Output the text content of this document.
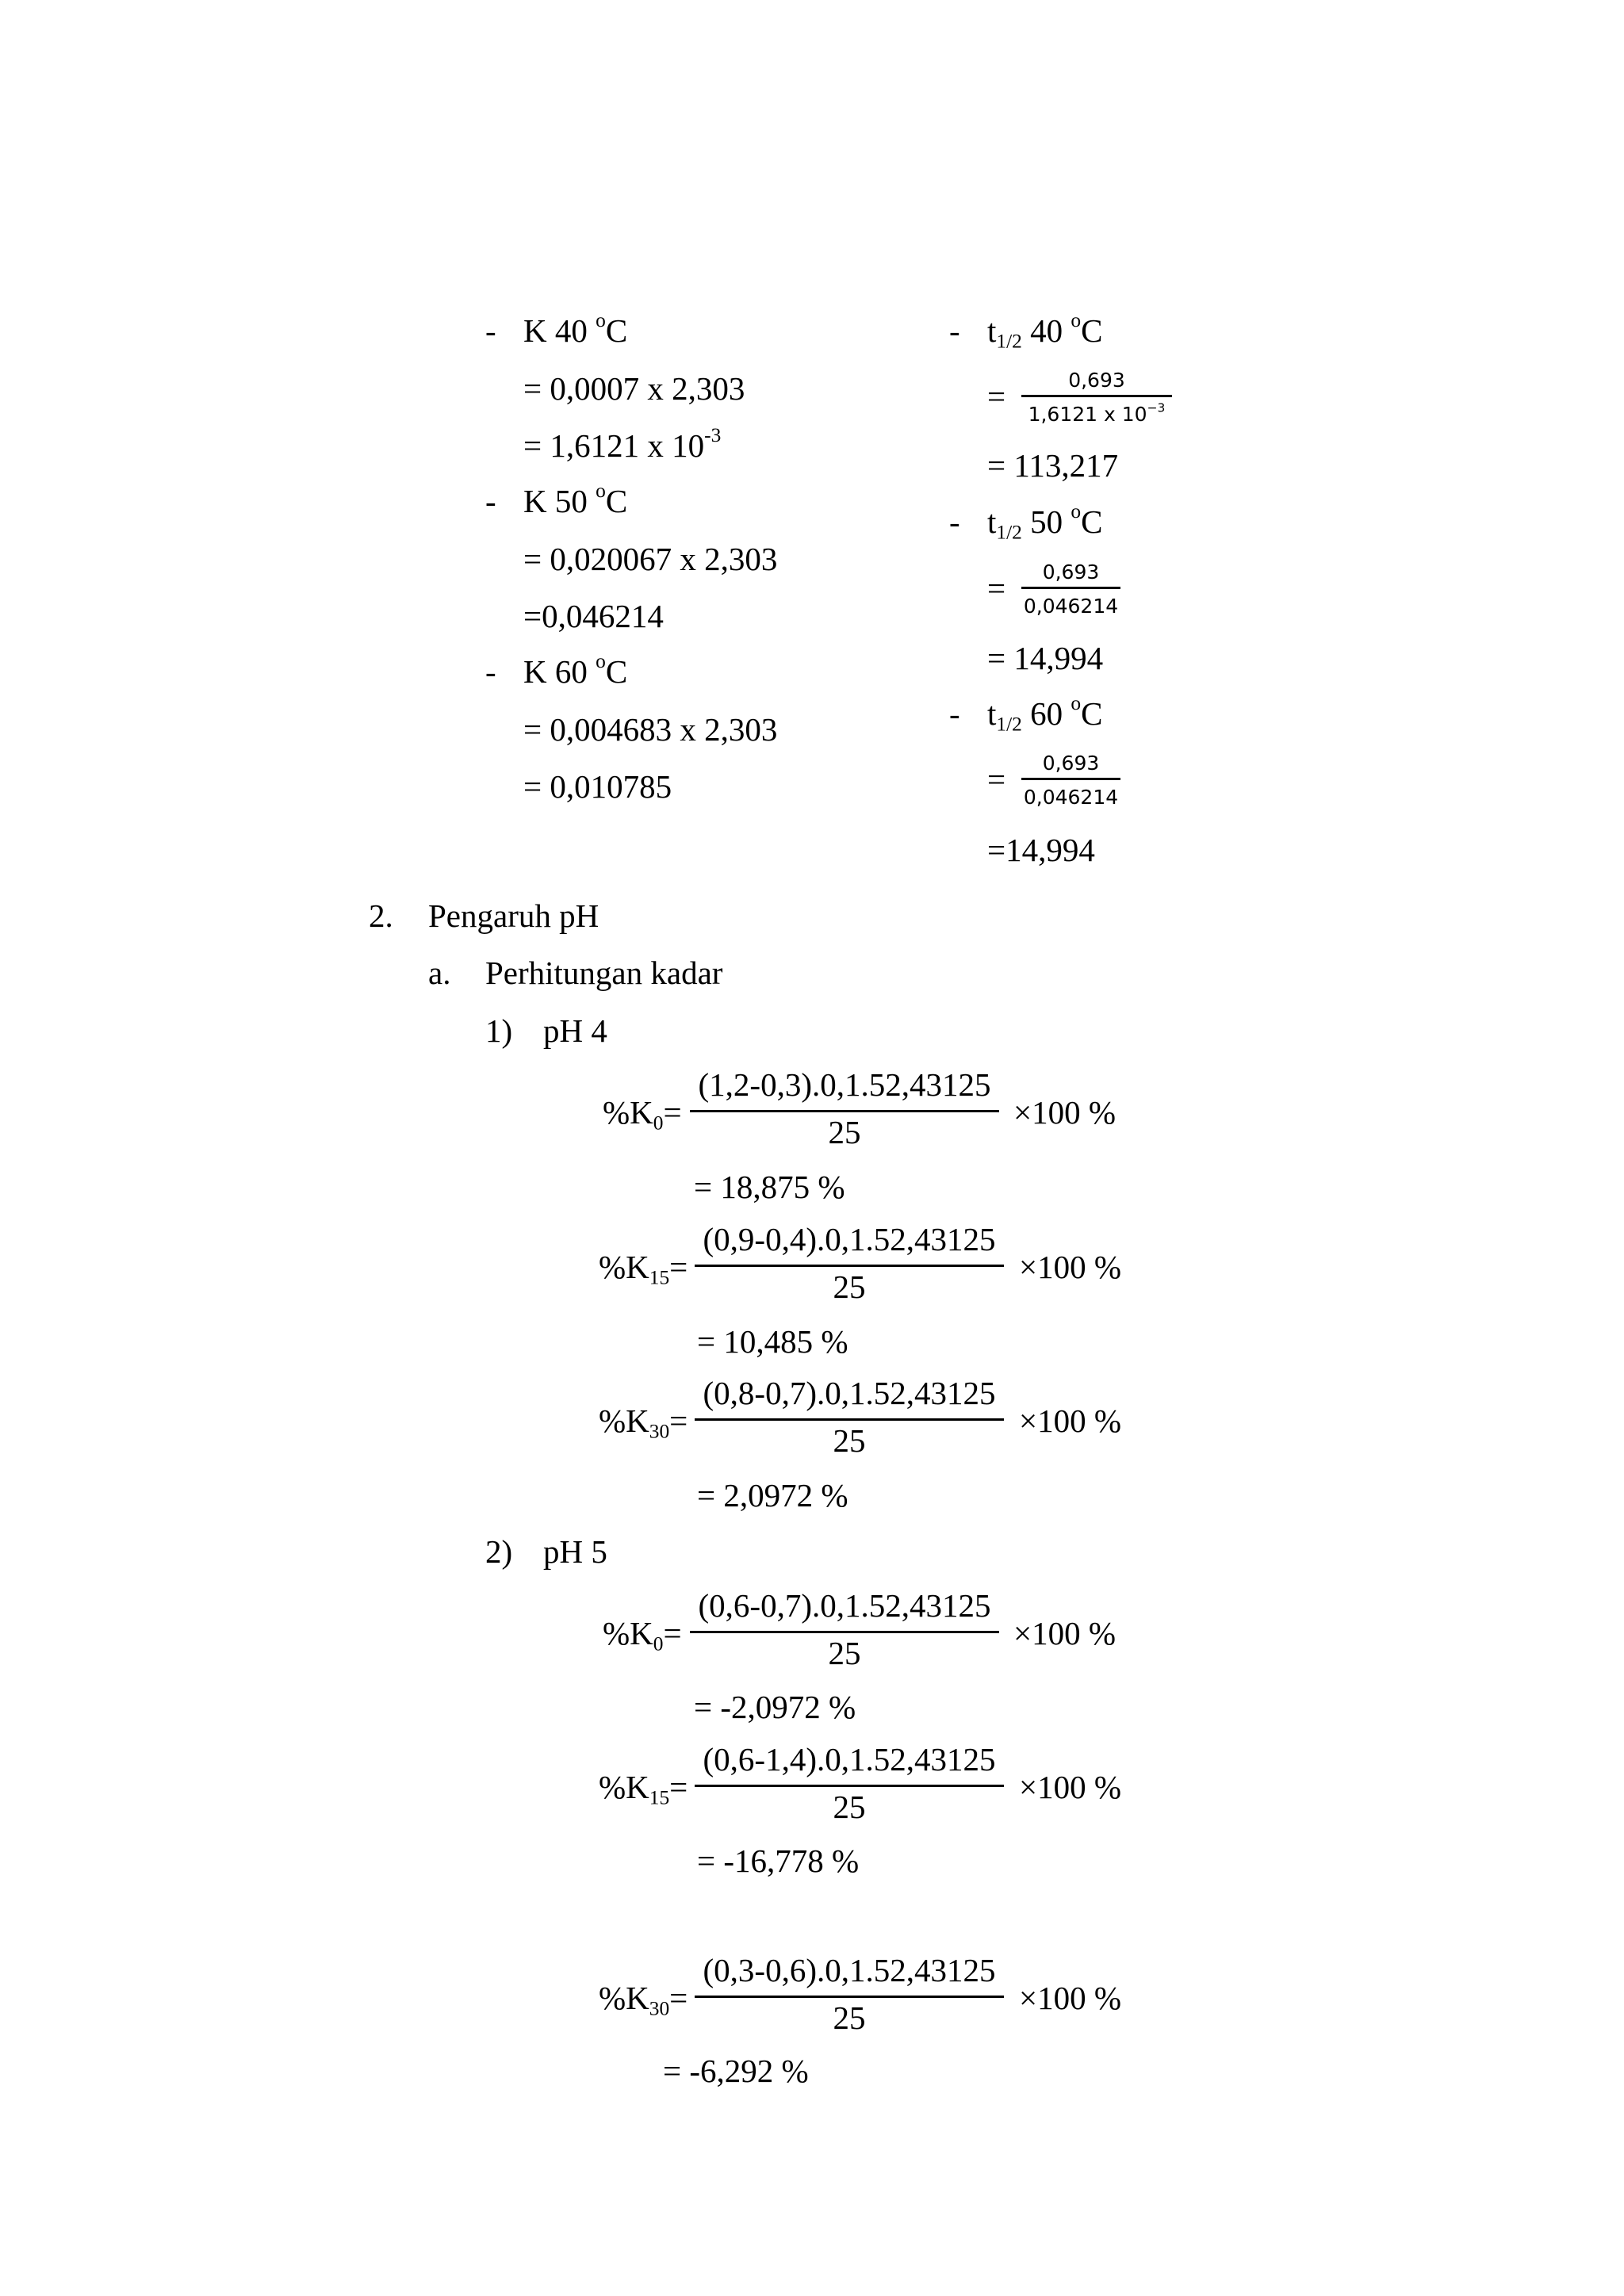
- K 40 $^o$C
= 0,0007 x 2,303
= 1,6121 x $10^{-3}$
- K 50 $^o$C
= 0,020067 x 2,303
=0,046214
- K 60 $^o$C
= 0,004683 x 2,303
= 0,010785
- $t_{1/2}$ 40 $^o$C
=	0,693
1,6121 x $10^{-3}$
= 113,217
- $t_{1/2}$ 50 $^o$C
=	0,693
0,046214
= 14,994
- $t_{1/2}$ 60 $^o$C
=	0,693
0,046214
=14,994
2. Pengaruh pH
a. Perhitungan kadar
1) pH 4
$\%K_0=$
(1,2-0,3).0,1.52,43125
25
×100 %
= 18,875 %
$\%K_{15}=$
(0,9-0,4).0,1.52,43125
25
×100 %
= 10,485 %
$\%K_{30}=$
(0,8-0,7).0,1.52,43125
25
×100 %
= 2,0972 %
2) pH 5
$\%K_0=$
(0,6-0,7).0,1.52,43125
25
×100 %
= -2,0972 %
$\%K_{15}=$
(0,6-1,4).0,1.52,43125
25
×100 %
= -16,778 %
$\%K_{30}=$
(0,3-0,6).0,1.52,43125
25
×100 %
= -6,292 %
